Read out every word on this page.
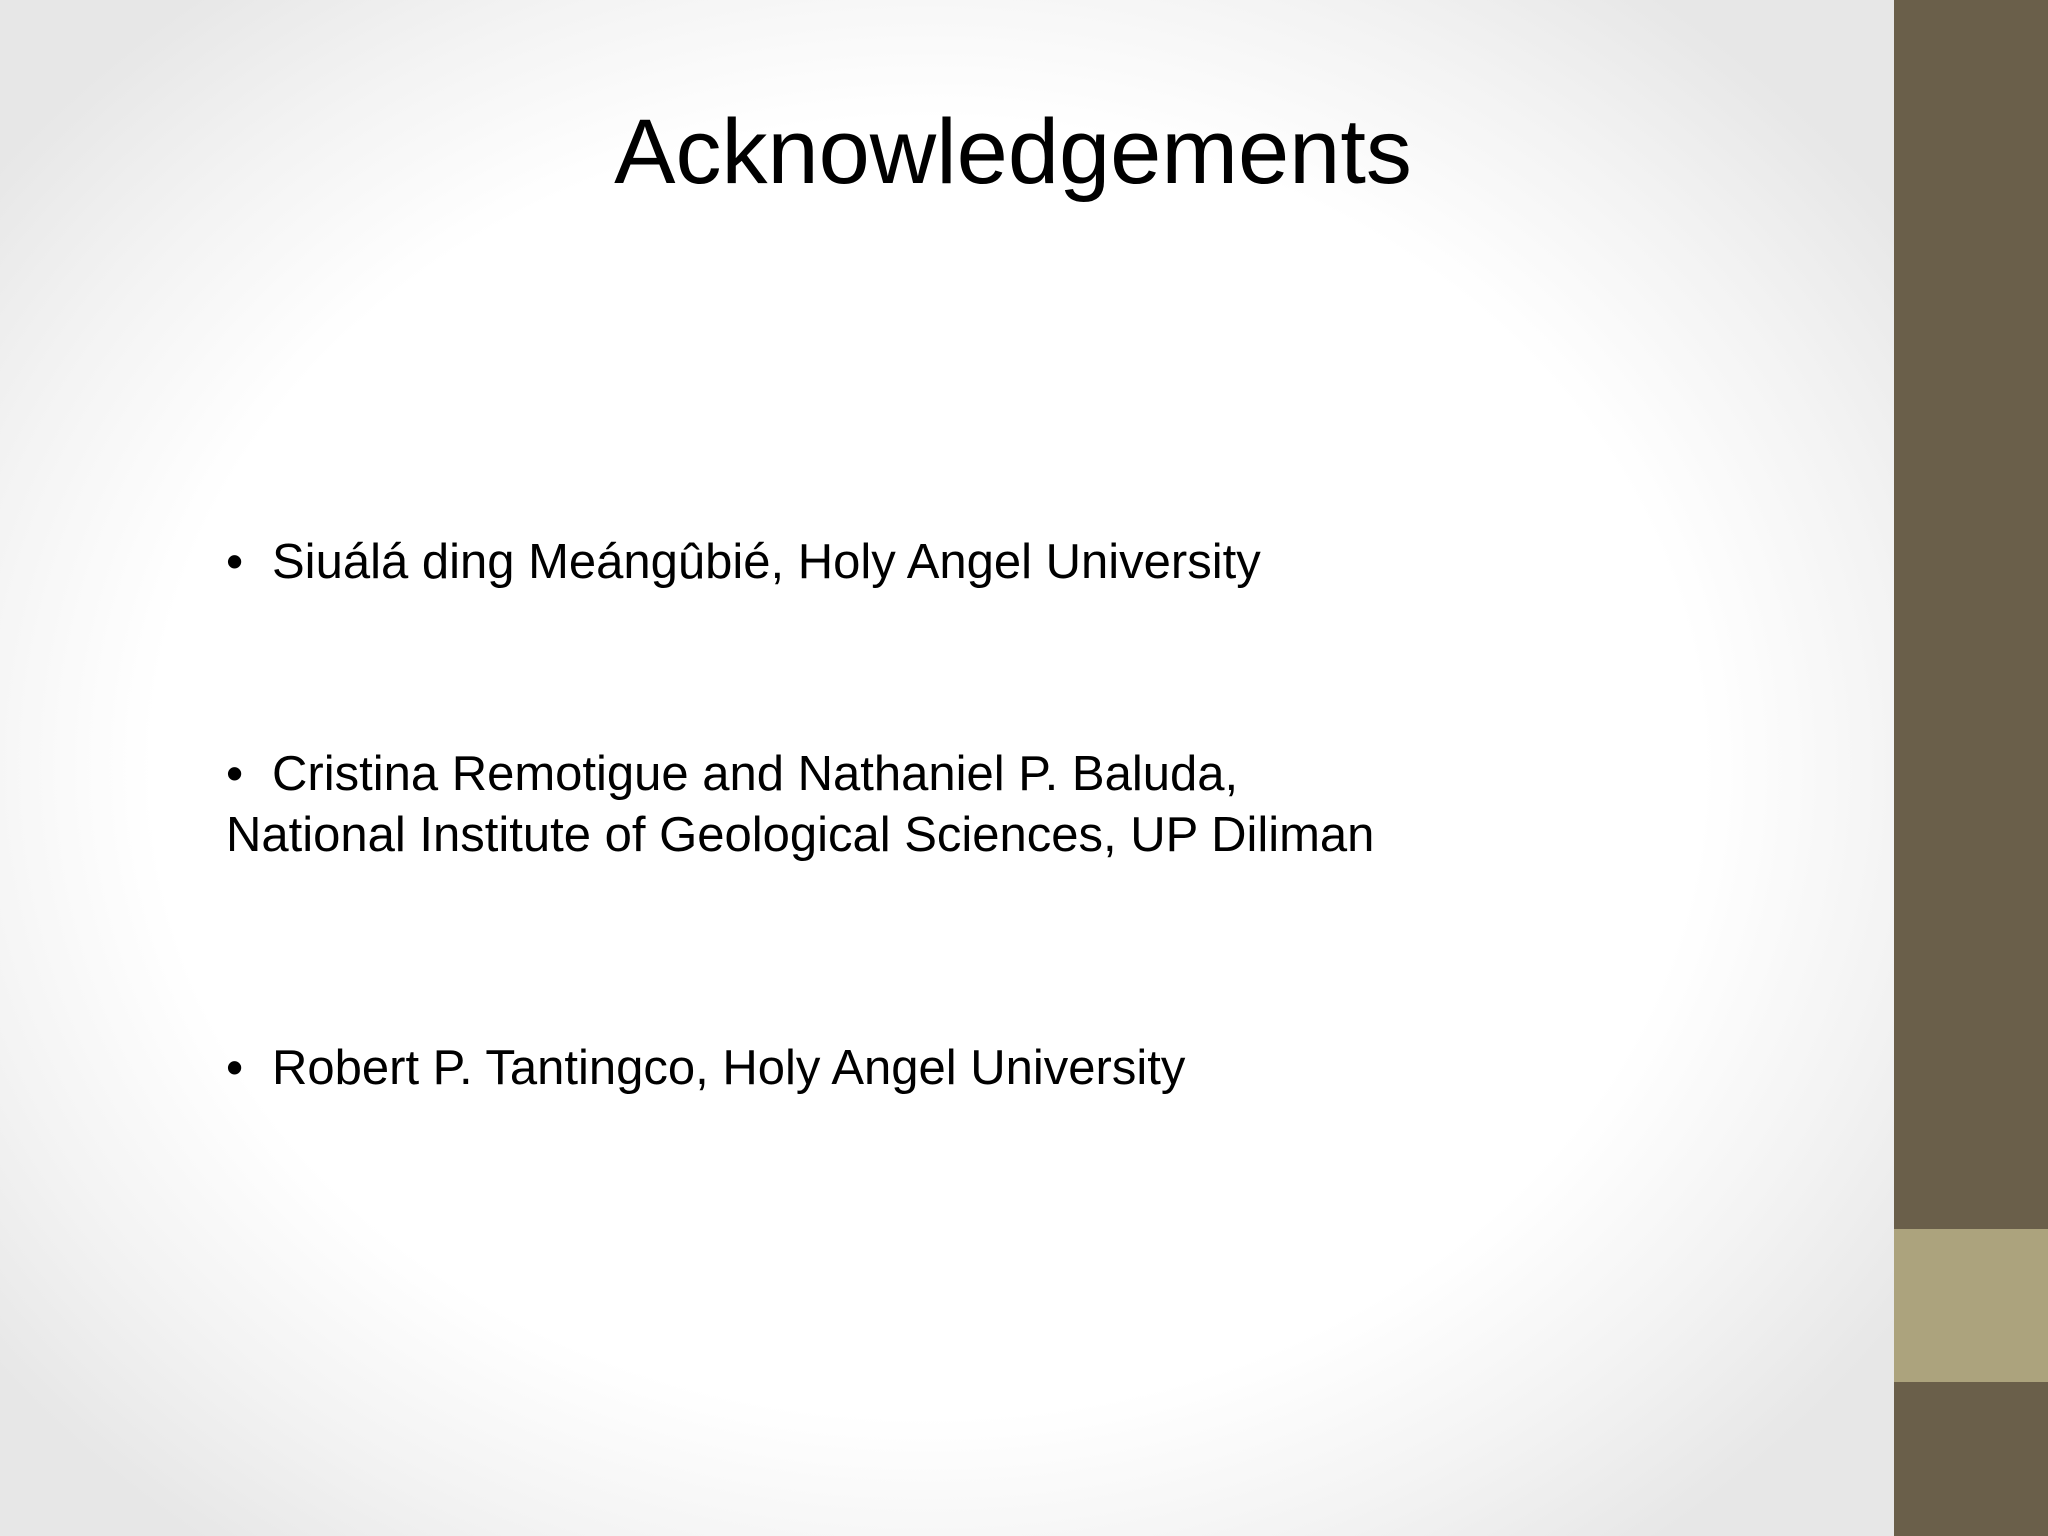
Acknowledgements
• Siuálá ding Meángûbié, Holy Angel University
• Cristina Remotigue and Nathaniel P. Baluda,
National Institute of Geological Sciences, UP Diliman
• Robert P. Tantingco, Holy Angel University
